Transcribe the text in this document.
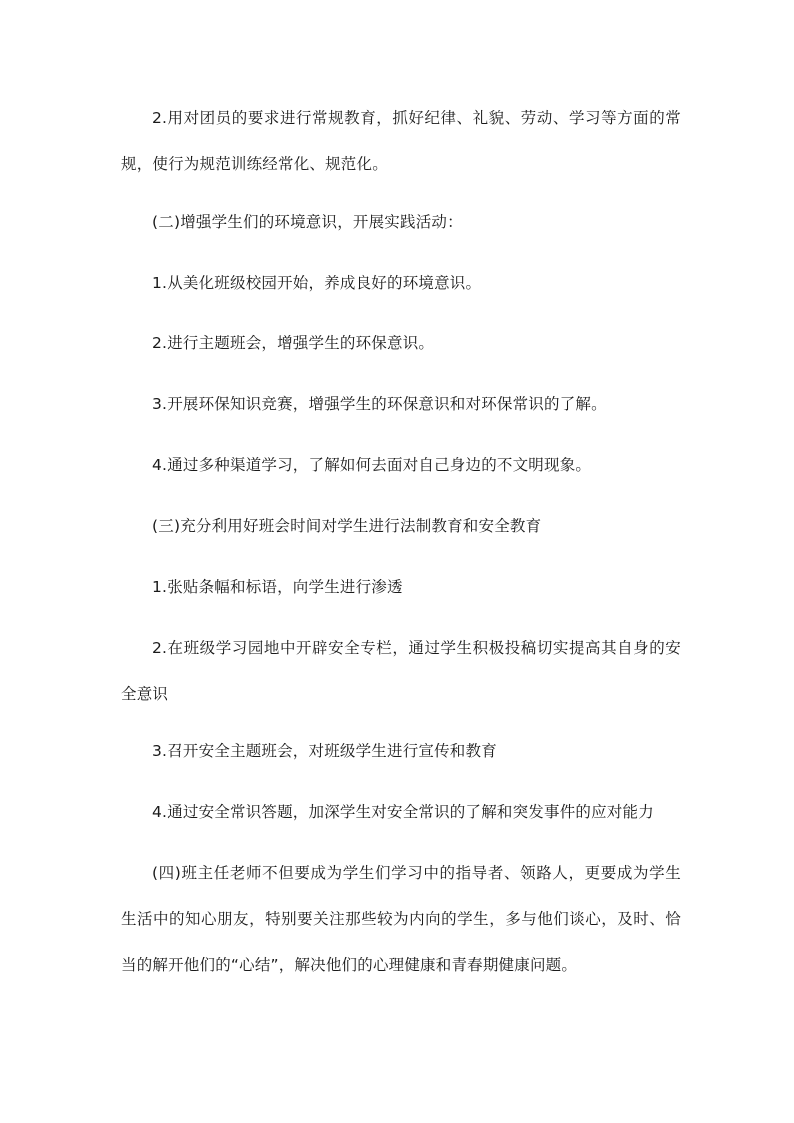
2.用对团员的要求进行常规教育，抓好纪律、礼貌、劳动、学习等方面的常规，使行为规范训练经常化、规范化。

(二)增强学生们的环境意识，开展实践活动：

1.从美化班级校园开始，养成良好的环境意识。

2.进行主题班会，增强学生的环保意识。

3.开展环保知识竞赛，增强学生的环保意识和对环保常识的了解。

4.通过多种渠道学习，了解如何去面对自己身边的不文明现象。

(三)充分利用好班会时间对学生进行法制教育和安全教育

1.张贴条幅和标语，向学生进行渗透

2.在班级学习园地中开辟安全专栏，通过学生积极投稿切实提高其自身的安全意识

3.召开安全主题班会，对班级学生进行宣传和教育

4.通过安全常识答题，加深学生对安全常识的了解和突发事件的应对能力

(四)班主任老师不但要成为学生们学习中的指导者、领路人，更要成为学生生活中的知心朋友，特别要关注那些较为内向的学生，多与他们谈心，及时、恰当的解开他们的“心结”，解决他们的心理健康和青春期健康问题。
